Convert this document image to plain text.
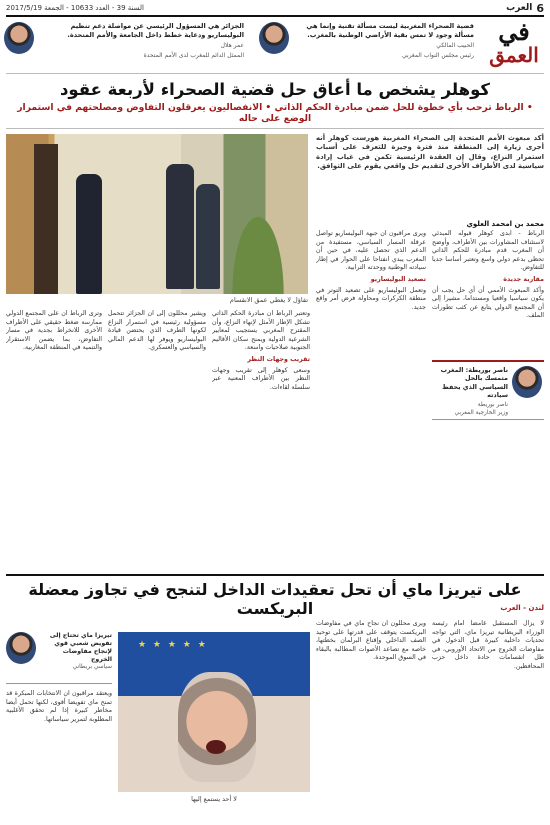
6
العرب
السنة 39 - العدد 10633 - الجمعة 2017/5/19
في
العمق
قضية الصحراء المغربية ليست مسألة تقنية وإنما هي مسألة وجود لا تمس بقية الأراضي الوطنية بالمغرب.
الحبيب المالكي
رئيس مجلس النواب المغربي
الجزائر هي المسؤول الرئيسي عن مواصلة دعم تنظيم البوليساريو ودعاية خطط داخل الجامعة والأمم المتحدة.
عمر هلال
الممثل الدائم للمغرب لدى الأمم المتحدة
كوهلر يشخص ما أعاق حل قضية الصحراء لأربعة عقود
• الرباط ترحب بأي خطوة للحل ضمن مبادرة الحكم الذاتي • الانفصاليون يعرقلون التفاوض ومصلحتهم في استمرار الوضع على حاله
تفاؤل لا يغطي عمق الانقسام
أكد مبعوث الأمم المتحدة إلى الصحراء المغربية هورست كوهلر أنه أجرى زيارة إلى المنطقة منذ فترة وجيزة للتعرف على أسباب استمرار النزاع، وقال إن العقدة الرئيسية تكمن في غياب إرادة سياسية لدى الأطراف الأخرى لتقديم حل واقعي يقوم على التوافق.
محمد بن امحمد العلوي
الرباط - أبدى كوهلر قبوله المبدئي لاستئناف المشاورات بين الأطراف، وأوضح أن المغرب قدم مبادرة للحكم الذاتي تحظى بدعم دولي واسع وتعتبر أساسا جديا للتفاوض.
مقاربة جديدة
وأكد المبعوث الأممي أن أي حل يجب أن يكون سياسيا واقعيا ومستداما، مشيرا إلى أن المجتمع الدولي يتابع عن كثب تطورات الملف.
ناصر بوريطة: المغرب متمسك بالحل السياسي الذي يحفظ سيادته
ناصر بوريطة
وزير الخارجية المغربي
ويرى مراقبون أن جبهة البوليساريو تواصل عرقلة المسار السياسي، مستفيدة من الدعم الذي تحصل عليه، في حين أن المغرب يبدي انفتاحا على الحوار في إطار سيادته الوطنية ووحدته الترابية.
تصعيد البوليساريو
وتعمل البوليساريو على تصعيد التوتر في منطقة الكركرات ومحاولة فرض أمر واقع جديد.
وتعتبر الرباط أن مبادرة الحكم الذاتي تشكل الإطار الأمثل لإنهاء النزاع، وأن المقترح المغربي يستجيب لمعايير الشرعية الدولية ويمنح سكان الأقاليم الجنوبية صلاحيات واسعة.
تقريب وجهات النظر
وسعى كوهلر إلى تقريب وجهات النظر بين الأطراف المعنية عبر سلسلة لقاءات.
ويشير محللون إلى أن الجزائر تتحمل مسؤولية رئيسية في استمرار النزاع لكونها الطرف الذي يحتضن قيادة البوليساريو ويوفر لها الدعم المالي والسياسي والعسكري.
وترى الرباط أن على المجتمع الدولي ممارسة ضغط حقيقي على الأطراف الأخرى للانخراط بجدية في مسار التفاوض، بما يضمن الاستقرار والتنمية في المنطقة المغاربية.
على تيريزا ماي أن تحل تعقيدات الداخل لتنجح في تجاوز معضلة البريكست	لندن - العرب
لا يزال المستقبل غامضا أمام رئيسة الوزراء البريطانية تيريزا ماي، التي تواجه تحديات داخلية كبيرة قبل الدخول في مفاوضات الخروج من الاتحاد الأوروبي، في ظل انقسامات حادة داخل حزب المحافظين.
ويرى محللون أن نجاح ماي في مفاوضات البريكست يتوقف على قدرتها على توحيد الصف الداخلي وإقناع البرلمان بخطتها، خاصة مع تصاعد الأصوات المطالبة بالبقاء في السوق الموحدة.
★ ★ ★ ★ ★
لا أحد يستمع إليها
تيريزا ماي تحتاج إلى تفويض شعبي قوي لإنجاح مفاوضات الخروج
سياسي بريطاني
ويعتقد مراقبون أن الانتخابات المبكرة قد تمنح ماي تفويضا أقوى، لكنها تحمل أيضا مخاطر كبيرة إذا لم تحقق الأغلبية المطلوبة لتمرير سياساتها.
